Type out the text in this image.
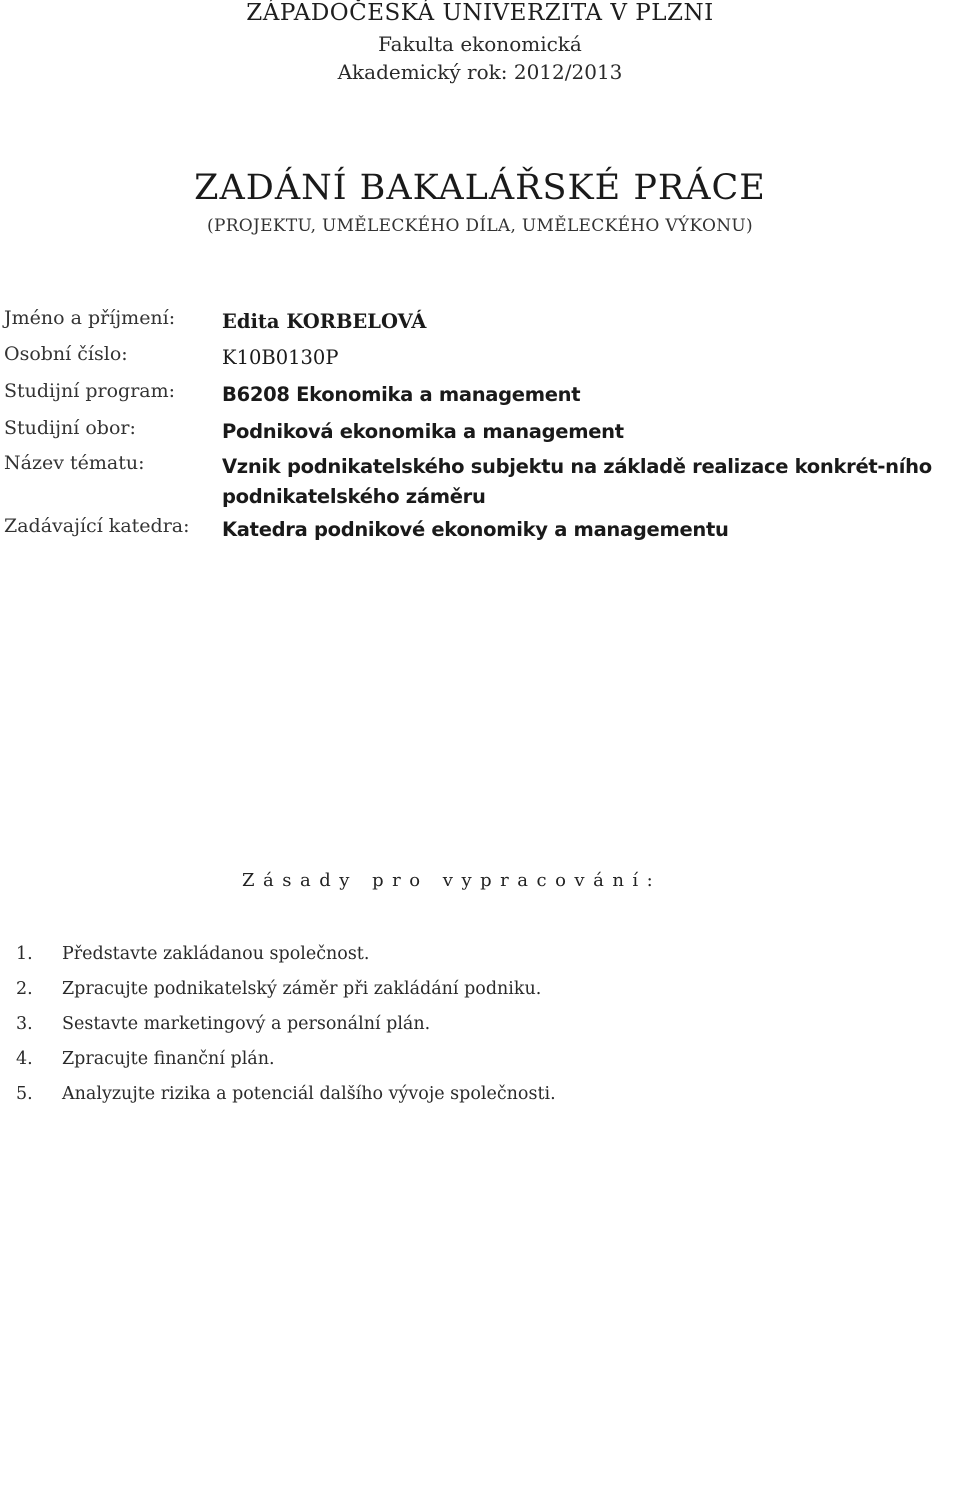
ZÁPADOČESKÁ UNIVERZITA V PLZNI
Fakulta ekonomická
Akademický rok: 2012/2013
ZADÁNÍ BAKALÁŘSKÉ PRÁCE
(PROJEKTU, UMĚLECKÉHO DÍLA, UMĚLECKÉHO VÝKONU)
Jméno a příjmení: Edita KORBELOVÁ
Osobní číslo:	K10B0130P
Studijní program: B6208 Ekonomika a management
Studijní obor:	Podniková ekonomika a management
Název tématu:	Vznik podnikatelského subjektu na základě realizace konkrét-ního podnikatelského záměru
Zadávající katedra: Katedra podnikové ekonomiky a managementu
Zásady pro vypracování:
1. Představte zakládanou společnost.
2. Zpracujte podnikatelský záměr při zakládání podniku.
3. Sestavte marketingový a personální plán.
4. Zpracujte finanční plán.
5. Analyzujte rizika a potenciál dalšího vývoje společnosti.
